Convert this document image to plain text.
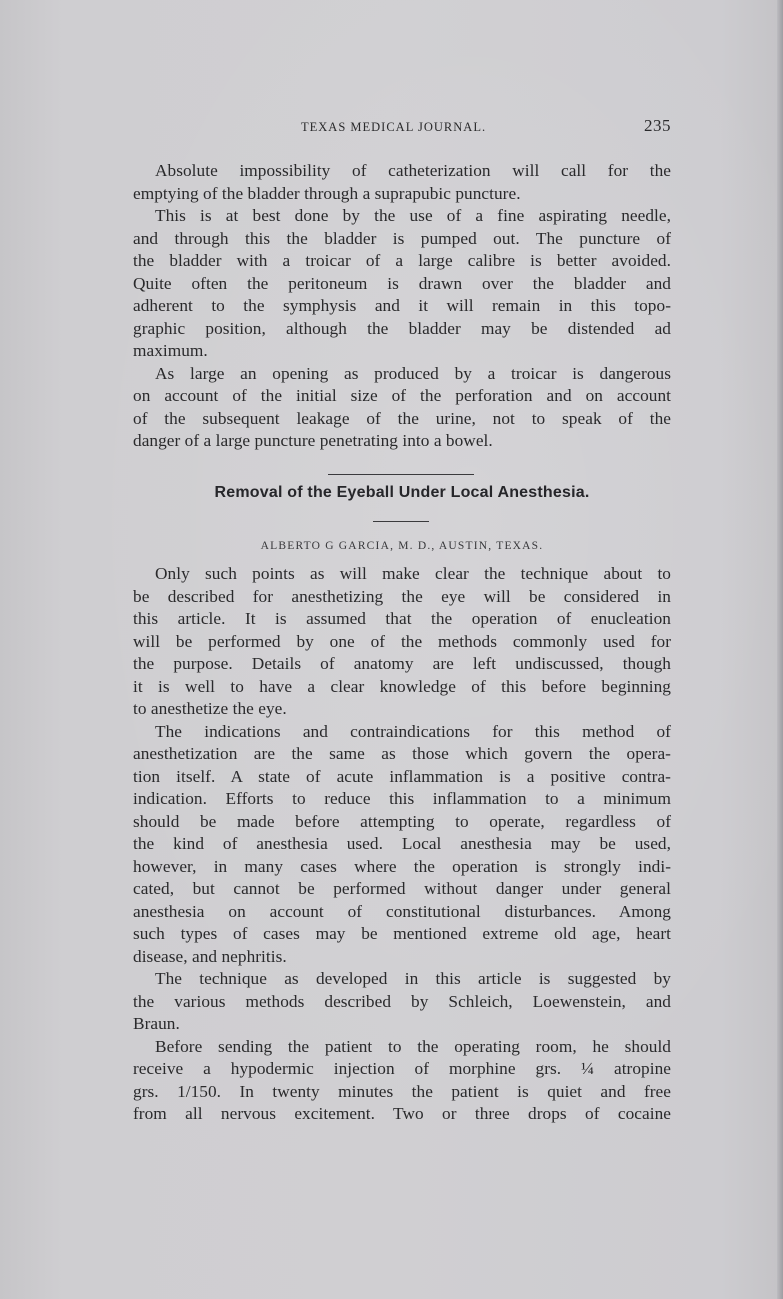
TEXAS MEDICAL JOURNAL.	235

Absolute impossibility of catheterization will call for the

emptying of the bladder through a suprapubic puncture.

This is at best done by the use of a fine aspirating needle,

and through this the bladder is pumped out. The puncture of

the bladder with a troicar of a large calibre is better avoided.

Quite often the peritoneum is drawn over the bladder and

adherent to the symphysis and it will remain in this topo-

graphic position, although the bladder may be distended ad

maximum.

As large an opening as produced by a troicar is dangerous

on account of the initial size of the perforation and on account

of the subsequent leakage of the urine, not to speak of the

danger of a large puncture penetrating into a bowel.

Removal of the Eyeball Under Local Anesthesia.
ALBERTO G GARCIA, M. D., AUSTIN, TEXAS.

Only such points as will make clear the technique about to

be described for anesthetizing the eye will be considered in

this article. It is assumed that the operation of enucleation

will be performed by one of the methods commonly used for

the purpose. Details of anatomy are left undiscussed, though

it is well to have a clear knowledge of this before beginning

to anesthetize the eye.

The indications and contraindications for this method of

anesthetization are the same as those which govern the opera-

tion itself. A state of acute inflammation is a positive contra-

indication. Efforts to reduce this inflammation to a minimum

should be made before attempting to operate, regardless of

the kind of anesthesia used. Local anesthesia may be used,

however, in many cases where the operation is strongly indi-

cated, but cannot be performed without danger under general

anesthesia on account of constitutional disturbances. Among

such types of cases may be mentioned extreme old age, heart

disease, and nephritis.

The technique as developed in this article is suggested by

the various methods described by Schleich, Loewenstein, and

Braun.

Before sending the patient to the operating room, he should

receive a hypodermic injection of morphine grs. ¼ atropine

grs. 1/150. In twenty minutes the patient is quiet and free

from all nervous excitement. Two or three drops of cocaine
